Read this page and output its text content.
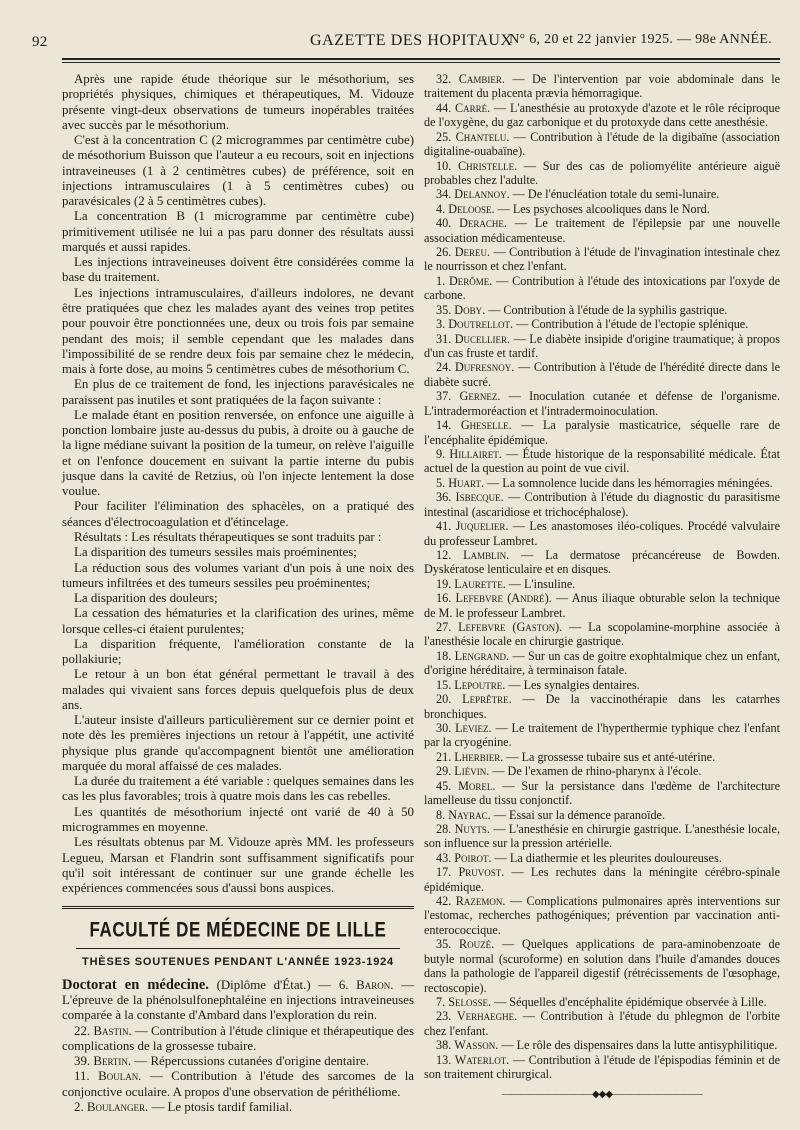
92	GAZETTE DES HOPITAUX
N° 6, 20 et 22 janvier 1925. — 98e ANNÉE.

Après une rapide étude théorique sur le mésothorium, ses propriétés physiques, chimiques et thérapeutiques, M. Vidouze présente vingt-deux observations de tumeurs inopérables traitées avec succès par le mésothorium.

C'est à la concentration C (2 microgrammes par centimètre cube) de mésothorium Buisson que l'auteur a eu recours, soit en injections intraveineuses (1 à 2 centimètres cubes) de préférence, soit en injections intramusculaires (1 à 5 centimètres cubes) ou paravésicales (2 à 5 centimètres cubes).

La concentration B (1 microgramme par centimètre cube) primitivement utilisée ne lui a pas paru donner des résultats aussi marqués et aussi rapides.

Les injections intraveineuses doivent être considérées comme la base du traitement.

Les injections intramusculaires, d'ailleurs indolores, ne devant être pratiquées que chez les malades ayant des veines trop petites pour pouvoir être ponctionnées une, deux ou trois fois par semaine pendant des mois; il semble cependant que les malades dans l'impossibilité de se rendre deux fois par semaine chez le médecin, mais à forte dose, au moins 5 centimètres cubes de mésothorium C.

En plus de ce traitement de fond, les injections paravésicales ne paraissent pas inutiles et sont pratiquées de la façon suivante :

Le malade étant en position renversée, on enfonce une aiguille à ponction lombaire juste au-dessus du pubis, à droite ou à gauche de la ligne médiane suivant la position de la tumeur, on relève l'aiguille et on l'enfonce doucement en suivant la partie interne du pubis jusque dans la cavité de Retzius, où l'on injecte lentement la dose voulue.

Pour faciliter l'élimination des sphacèles, on a pratiqué des séances d'électrocoagulation et d'étincelage.

Résultats : Les résultats thérapeutiques se sont traduits par :

La disparition des tumeurs sessiles mais proéminentes;

La réduction sous des volumes variant d'un pois à une noix des tumeurs infiltrées et des tumeurs sessiles peu proéminentes;

La disparition des douleurs;

La cessation des hématuries et la clarification des urines, même lorsque celles-ci étaient purulentes;

La disparition fréquente, l'amélioration constante de la pollakiurie;

Le retour à un bon état général permettant le travail à des malades qui vivaient sans forces depuis quelquefois plus de deux ans.

L'auteur insiste d'ailleurs particulièrement sur ce dernier point et note dès les premières injections un retour à l'appétit, une activité physique plus grande qu'accompagnent bientôt une amélioration marquée du moral affaissé de ces malades.

La durée du traitement a été variable : quelques semaines dans les cas les plus favorables; trois à quatre mois dans les cas rebelles.

Les quantités de mésothorium injecté ont varié de 40 à 50 microgrammes en moyenne.

Les résultats obtenus par M. Vidouze après MM. les professeurs Legueu, Marsan et Flandrin sont suffisamment significatifs pour qu'il soit intéressant de continuer sur une grande échelle les expériences commencées sous d'aussi bons auspices.

FACULTÉ DE MÉDECINE DE LILLE
THÈSES SOUTENUES PENDANT L'ANNÉE 1923-1924

Doctorat en médecine. (Diplôme d'État.) — 6. Baron. — L'épreuve de la phénolsulfonephtaléine en injections intraveineuses comparée à la constante d'Ambard dans l'exploration du rein.

22. Bastin. — Contribution à l'étude clinique et thérapeutique des complications de la grossesse tubaire.

39. Bertin. — Répercussions cutanées d'origine dentaire.

11. Boulan. — Contribution à l'étude des sarcomes de la conjonctive oculaire. A propos d'une observation de périthéliome.

2. Boulanger. — Le ptosis tardif familial.

32. Cambier. — De l'intervention par voie abdominale dans le traitement du placenta prævia hémorragique.

44. Carré. — L'anesthésie au protoxyde d'azote et le rôle réciproque de l'oxygène, du gaz carbonique et du protoxyde dans cette anesthésie.

25. Chantelu. — Contribution à l'étude de la digibaïne (association digitaline-ouabaïne).

10. Christelle. — Sur des cas de poliomyélite antérieure aiguë probables chez l'adulte.

34. Delannoy. — De l'énucléation totale du semi-lunaire.

4. Deloose. — Les psychoses alcooliques dans le Nord.

40. Derache. — Le traitement de l'épilepsie par une nouvelle association médicamenteuse.

26. Dereu. — Contribution à l'étude de l'invagination intestinale chez le nourrisson et chez l'enfant.

1. Derôme. — Contribution à l'étude des intoxications par l'oxyde de carbone.

35. Doby. — Contribution à l'étude de la syphilis gastrique.

3. Doutrellot. — Contribution à l'étude de l'ectopie splénique.

31. Ducellier. — Le diabète insipide d'origine traumatique; à propos d'un cas fruste et tardif.

24. Dufresnoy. — Contribution à l'étude de l'hérédité directe dans le diabète sucré.

37. Gernez. — Inoculation cutanée et défense de l'organisme. L'intradermoréaction et l'intradermoinoculation.

14. Gheselle. — La paralysie masticatrice, séquelle rare de l'encéphalite épidémique.

9. Hillairet. — Étude historique de la responsabilité médicale. État actuel de la question au point de vue civil.

5. Huart. — La somnolence lucide dans les hémorragies méningées.

36. Isbecque. — Contribution à l'étude du diagnostic du parasitisme intestinal (ascaridiose et trichocéphalose).

41. Juquelier. — Les anastomoses iléo-coliques. Procédé valvulaire du professeur Lambret.

12. Lamblin. — La dermatose précancéreuse de Bowden. Dyskératose lenticulaire et en disques.

19. Laurette. — L'insuline.

16. Lefebvre (André). — Anus iliaque obturable selon la technique de M. le professeur Lambret.

27. Lefebvre (Gaston). — La scopolamine-morphine associée à l'anesthésie locale en chirurgie gastrique.

18. Lengrand. — Sur un cas de goitre exophtalmique chez un enfant, d'origine héréditaire, à terminaison fatale.

15. Lepoutre. — Les synalgies dentaires.

20. Leprêtre. — De la vaccinothérapie dans les catarrhes bronchiques.

30. Leviez. — Le traitement de l'hyperthermie typhique chez l'enfant par la cryogénine.

21. Lherbier. — La grossesse tubaire sus et anté-utérine.

29. Liévin. — De l'examen de rhino-pharynx à l'école.

45. Morel. — Sur la persistance dans l'œdème de l'architecture lamelleuse du tissu conjonctif.

8. Nayrac. — Essai sur la démence paranoïde.

28. Nuyts. — L'anesthésie en chirurgie gastrique. L'anesthésie locale, son influence sur la pression artérielle.

43. Poirot. — La diathermie et les pleurites douloureuses.

17. Pruvost. — Les rechutes dans la méningite cérébro-spinale épidémique.

42. Razemon. — Complications pulmonaires après interventions sur l'estomac, recherches pathogéniques; prévention par vaccination anti-enterococcique.

35. Rouzé. — Quelques applications de para-aminobenzoate de butyle normal (scuroforme) en solution dans l'huile d'amandes douces dans la pathologie de l'appareil digestif (rétrécissements de l'œsophage, rectoscopie).

7. Selosse. — Séquelles d'encéphalite épidémique observée à Lille.

23. Verhaeghe. — Contribution à l'étude du phlegmon de l'orbite chez l'enfant.

38. Wasson. — Le rôle des dispensaires dans la lutte antisyphilitique.

13. Waterlot. — Contribution à l'étude de l'épispodias féminin et de son traitement chirurgical.

——————————◆◆◆——————————
